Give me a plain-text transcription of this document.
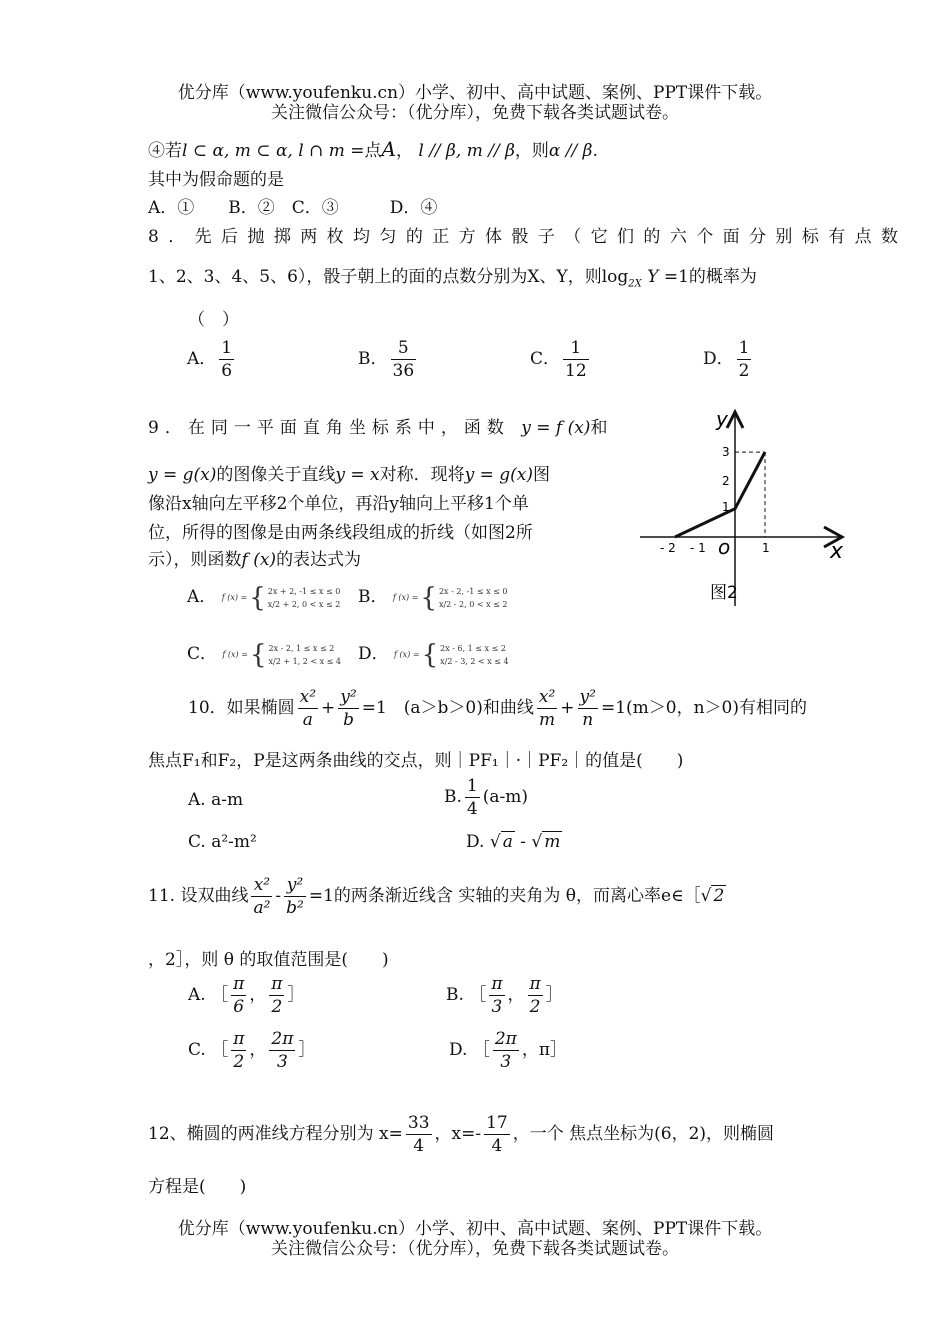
优分库（www.youfenku.cn）小学、初中、高中试题、案例、PPT课件下载。
关注微信公众号：（优分库），免费下载各类试题试卷。
④若l ⊂ α, m ⊂ α, l ∩ m =点A， l // β, m // β，则α // β.
其中为假命题的是
A．①　　B．②　C．③　　　D．④
8．先后抛掷两枚均匀的正方体骰子（它们的六个面分别标有点数
1、2、3、4、5、6），骰子朝上的面的点数分别为X、Y，则$\log_{2X} Y =1$的概率为
（　）
A． $\frac{1}{6}$	B． $\frac{5}{36}$	C． $\frac{1}{12}$	D． $\frac{1}{2}$
9．在同一平面直角坐标系中，函数 y = f (x)和
y = g(x)的图像关于直线y = x对称．现将y = g(x)图
像沿x轴向左平移2个单位，再沿y轴向上平移1个单
位，所得的图像是由两条线段组成的折线（如图2所
示），则函数f (x)的表达式为
A． f (x) ={ 2x + 2, -1 ≤ x ≤ 0
x/2 + 2, 0 < x ≤ 2 B． f (x) ={ 2x - 2, -1 ≤ x ≤ 0
x/2 - 2, 0 < x ≤ 2
C． f (x) ={ 2x - 2, 1 ≤ x ≤ 2
x/2 + 1, 2 < x ≤ 4 D． f (x) ={ 2x - 6, 1 ≤ x ≤ 2
x/2 - 3, 2 < x ≤ 4
y
x
o
- 2 - 1	1
1
2
3
图2
10．如果椭圆 $\frac{\text{x²}}{a} + \frac{\text{y²}}{b} =1$　(a＞b＞0)和曲线 $\frac{\text{x²}}{m} + \frac{\text{y²}}{n} =1(m>0$，n＞0)有相同的
焦点F₁和F₂，P是这两条曲线的交点，则｜PF₁｜·｜PF₂｜的值是(　　)
A. a-m	B. $\frac{1}{4} (a-m)$
C. a²-m²	D. √ a - √ m
11. 设双曲线 $\frac{\text{x²}}{\text{a²}} - \frac{\text{y²}}{\text{b²}} =1$的两条渐近线含 实轴的夹角为 θ，而离心率e∈［√ 2
，2］，则 θ 的取值范围是(　　)
A. ［ $\frac{\pi}{6}$ ， $\frac{\pi}{2}$ ］	B. ［ $\frac{\pi}{3}$ ， $\frac{\pi}{2}$ ］
C. ［ $\frac{\pi}{2}$ ， $\frac{2\pi}{3}$ ］	D. ［ $\frac{2\pi}{3}$ ，π］
12、椭圆的两准线方程分别为 $x= \frac{33}{4}$ ，$x=- \frac{17}{4}$ ，一个 焦点坐标为(6，2)，则椭圆
方程是(　　)
优分库（www.youfenku.cn）小学、初中、高中试题、案例、PPT课件下载。
关注微信公众号：（优分库），免费下载各类试题试卷。
